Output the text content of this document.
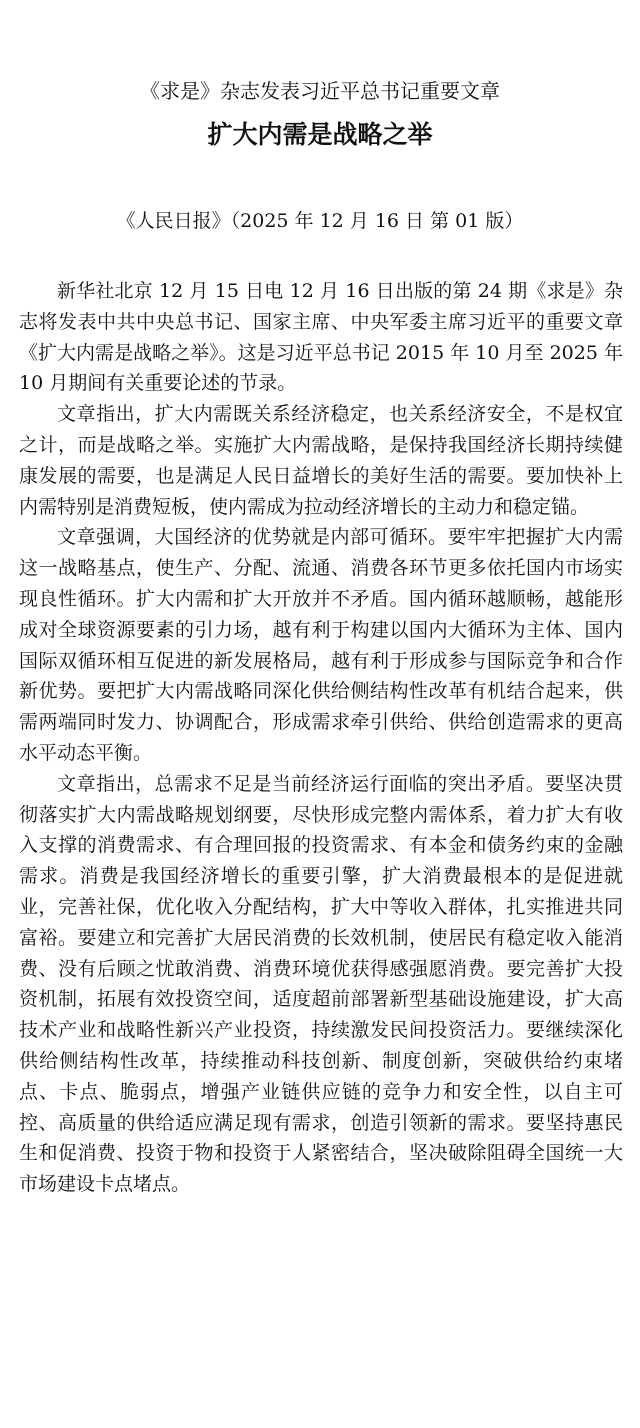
《求是》杂志发表习近平总书记重要文章
扩大内需是战略之举
《人民日报》（2025 年 12 月 16 日 第 01 版）

新华社北京 12 月 15 日电 12 月 16 日出版的第 24 期《求是》杂志将发表中共中央总书记、国家主席、中央军委主席习近平的重要文章《扩大内需是战略之举》。这是习近平总书记 2015 年 10 月至 2025 年 10 月期间有关重要论述的节录。

文章指出，扩大内需既关系经济稳定，也关系经济安全，不是权宜之计，而是战略之举。实施扩大内需战略，是保持我国经济长期持续健康发展的需要，也是满足人民日益增长的美好生活的需要。要加快补上内需特别是消费短板，使内需成为拉动经济增长的主动力和稳定锚。

文章强调，大国经济的优势就是内部可循环。要牢牢把握扩大内需这一战略基点，使生产、分配、流通、消费各环节更多依托国内市场实现良性循环。扩大内需和扩大开放并不矛盾。国内循环越顺畅，越能形成对全球资源要素的引力场，越有利于构建以国内大循环为主体、国内国际双循环相互促进的新发展格局，越有利于形成参与国际竞争和合作新优势。要把扩大内需战略同深化供给侧结构性改革有机结合起来，供需两端同时发力、协调配合，形成需求牵引供给、供给创造需求的更高水平动态平衡。

文章指出，总需求不足是当前经济运行面临的突出矛盾。要坚决贯彻落实扩大内需战略规划纲要，尽快形成完整内需体系，着力扩大有收入支撑的消费需求、有合理回报的投资需求、有本金和债务约束的金融需求。消费是我国经济增长的重要引擎，扩大消费最根本的是促进就业，完善社保，优化收入分配结构，扩大中等收入群体，扎实推进共同富裕。要建立和完善扩大居民消费的长效机制，使居民有稳定收入能消费、没有后顾之忧敢消费、消费环境优获得感强愿消费。要完善扩大投资机制，拓展有效投资空间，适度超前部署新型基础设施建设，扩大高技术产业和战略性新兴产业投资，持续激发民间投资活力。要继续深化供给侧结构性改革，持续推动科技创新、制度创新，突破供给约束堵点、卡点、脆弱点，增强产业链供应链的竞争力和安全性，以自主可控、高质量的供给适应满足现有需求，创造引领新的需求。要坚持惠民生和促消费、投资于物和投资于人紧密结合，坚决破除阻碍全国统一大市场建设卡点堵点。
